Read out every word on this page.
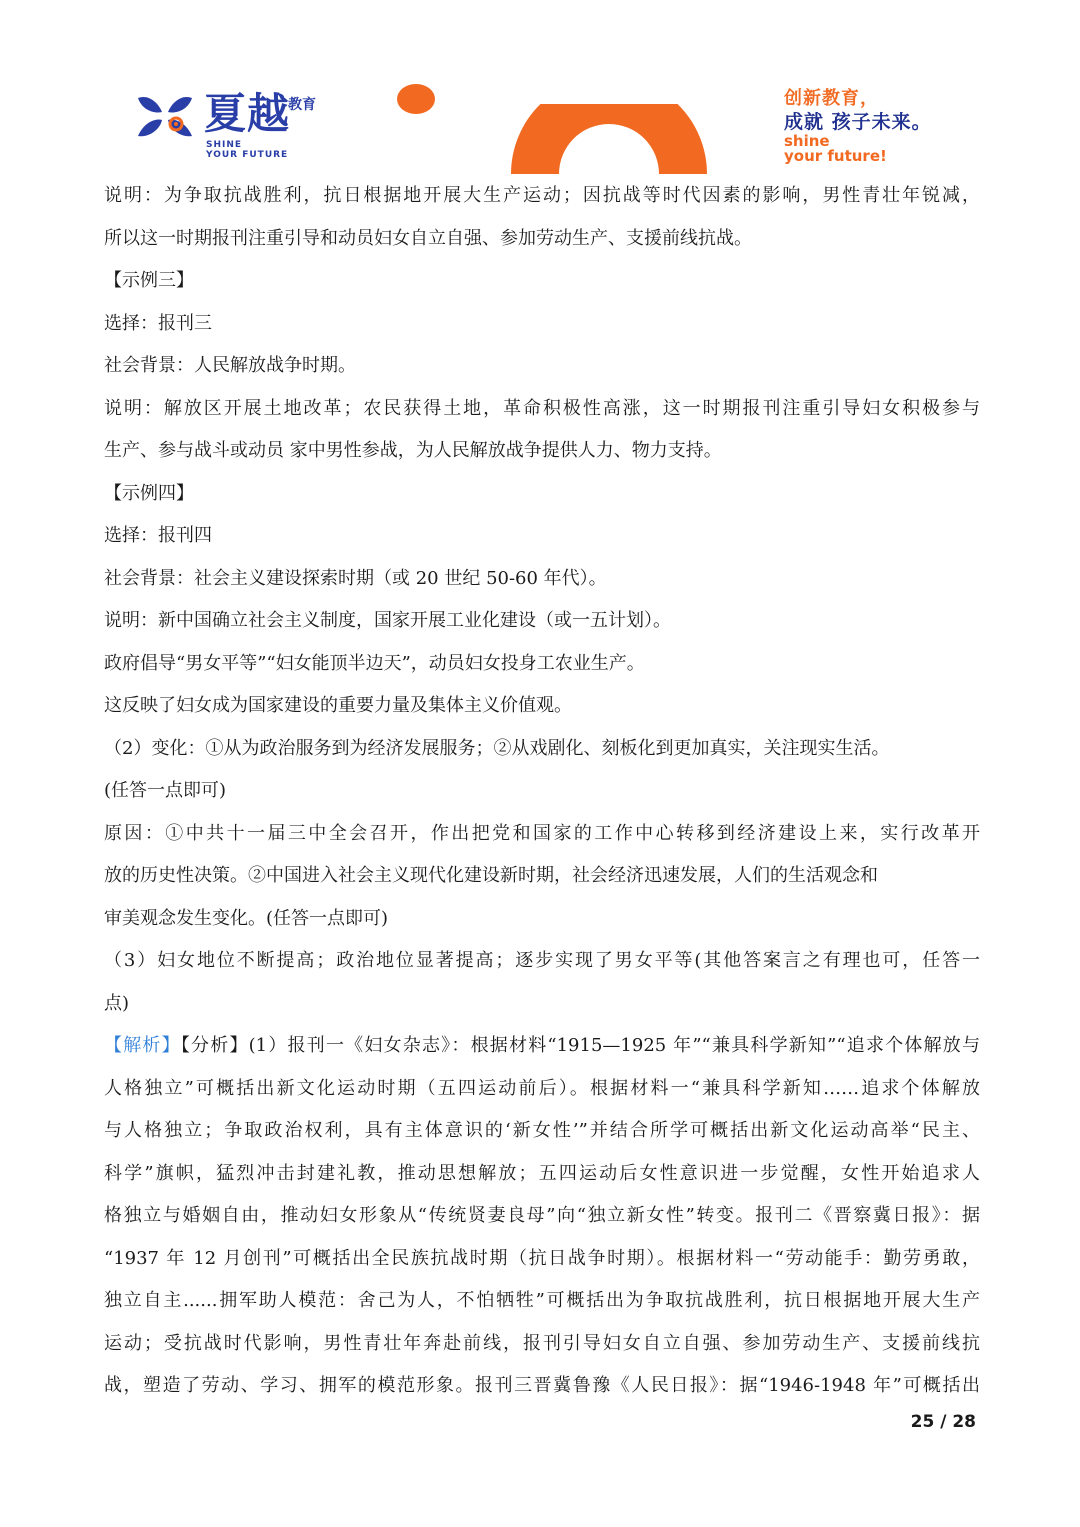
夏越
教育
SHINE
YOUR FUTURE
创新教育，
成就 孩子未来。
shine
your future!
说明：为争取抗战胜利，抗日根据地开展大生产运动；因抗战等时代因素的影响，男性青壮年锐减，
所以这一时期报刊注重引导和动员妇女自立自强、参加劳动生产、支援前线抗战。
【示例三】
选择：报刊三
社会背景：人民解放战争时期。
说明：解放区开展土地改革；农民获得土地，革命积极性高涨，这一时期报刊注重引导妇女积极参与
生产、参与战斗或动员 家中男性参战，为人民解放战争提供人力、物力支持。
【示例四】
选择：报刊四
社会背景：社会主义建设探索时期（或 20 世纪 50-60 年代）。
说明：新中国确立社会主义制度，国家开展工业化建设（或一五计划）。
政府倡导“男女平等”“妇女能顶半边天”，动员妇女投身工农业生产。
这反映了妇女成为国家建设的重要力量及集体主义价值观。
（2）变化：①从为政治服务到为经济发展服务；②从戏剧化、刻板化到更加真实，关注现实生活。
(任答一点即可)
原因：①中共十一届三中全会召开，作出把党和国家的工作中心转移到经济建设上来，实行改革开
放的历史性决策。②中国进入社会主义现代化建设新时期，社会经济迅速发展，人们的生活观念和
审美观念发生变化。(任答一点即可)
（3）妇女地位不断提高；政治地位显著提高；逐步实现了男女平等(其他答案言之有理也可，任答一
点)
【解析】【分析】(1）报刊一《妇女杂志》：根据材料“1915—1925 年”“兼具科学新知”“追求个体解放与
人格独立”可概括出新文化运动时期（五四运动前后）。根据材料一“兼具科学新知……追求个体解放
与人格独立；争取政治权利，具有主体意识的‘新女性’”并结合所学可概括出新文化运动高举“民主、
科学”旗帜，猛烈冲击封建礼教，推动思想解放；五四运动后女性意识进一步觉醒，女性开始追求人
格独立与婚姻自由，推动妇女形象从“传统贤妻良母”向“独立新女性”转变。报刊二《晋察冀日报》：据
“1937 年 12 月创刊”可概括出全民族抗战时期（抗日战争时期）。根据材料一“劳动能手：勤劳勇敢，
独立自主......拥军助人模范：舍己为人，不怕牺牲”可概括出为争取抗战胜利，抗日根据地开展大生产
运动；受抗战时代影响，男性青壮年奔赴前线，报刊引导妇女自立自强、参加劳动生产、支援前线抗
战，塑造了劳动、学习、拥军的模范形象。报刊三晋冀鲁豫《人民日报》：据“1946-1948 年”可概括出
25 / 28
